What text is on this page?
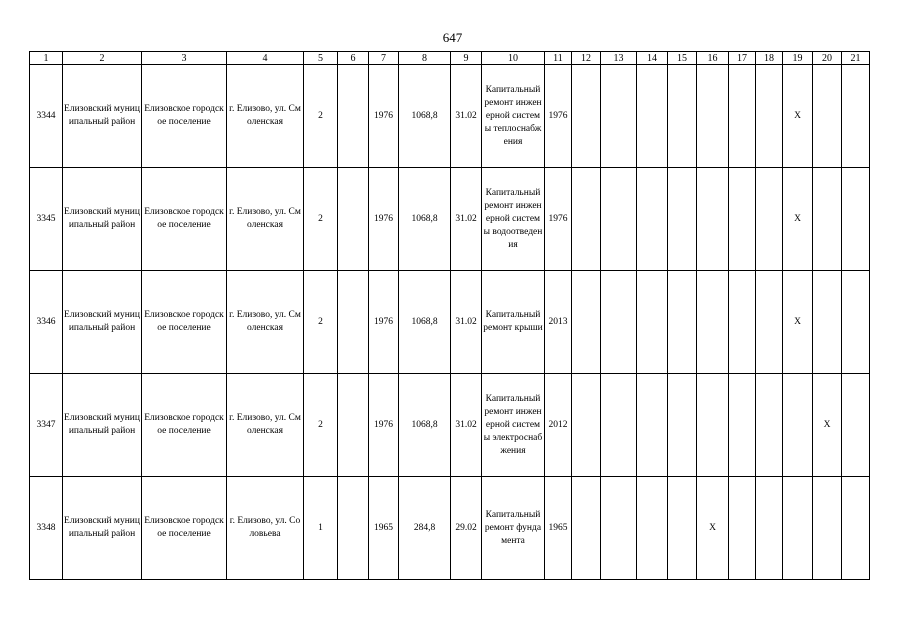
647
1	2	3	4	5	6	7	8	9	10	11	12	13	14	15	16	17	18	19	20	21
3344	Елизовский муниципальный район	Елизовское городское поселение	г. Елизово, ул. Смоленская	2		1976	1068,8	31.02	Капитальный ремонт инженерной системы теплоснабжения	1976								X		
3345	Елизовский муниципальный район	Елизовское городское поселение	г. Елизово, ул. Смоленская	2		1976	1068,8	31.02	Капитальный ремонт инженерной системы водоотведения	1976								X		
3346	Елизовский муниципальный район	Елизовское городское поселение	г. Елизово, ул. Смоленская	2		1976	1068,8	31.02	Капитальный ремонт крыши	2013								X		
3347	Елизовский муниципальный район	Елизовское городское поселение	г. Елизово, ул. Смоленская	2		1976	1068,8	31.02	Капитальный ремонт инженерной системы электроснабжения	2012									X	
3348	Елизовский муниципальный район	Елизовское городское поселение	г. Елизово, ул. Соловьева	1		1965	284,8	29.02	Капитальный ремонт фундамента	1965					X					
